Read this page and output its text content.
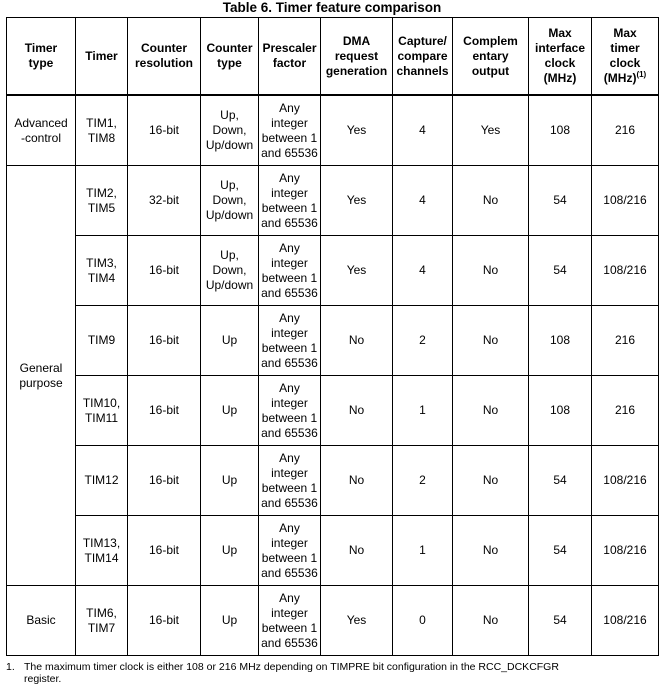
Table 6. Timer feature comparison
Timer
type	Timer	Counter
resolution	Counter
type	Prescaler
factor	DMA
request
generation	Capture/
compare
channels	Complem
entary
output	Max
interface
clock
(MHz)	Max
timer
clock
(MHz)$^{(1)}$
Advanced
-control	TIM1,
TIM8	16-bit	Up,
Down,
Up/down	Any
integer
between 1
and 65536	Yes	4	Yes	108	216
General
purpose	TIM2,
TIM5	32-bit	Up,
Down,
Up/down	Any
integer
between 1
and 65536	Yes	4	No	54	108/216
	TIM3,
TIM4	16-bit	Up,
Down,
Up/down	Any
integer
between 1
and 65536	Yes	4	No	54	108/216
	TIM9	16-bit	Up	Any
integer
between 1
and 65536	No	2	No	108	216
	TIM10,
TIM11	16-bit	Up	Any
integer
between 1
and 65536	No	1	No	108	216
	TIM12	16-bit	Up	Any
integer
between 1
and 65536	No	2	No	54	108/216
	TIM13,
TIM14	16-bit	Up	Any
integer
between 1
and 65536	No	1	No	54	108/216
Basic	TIM6,
TIM7	16-bit	Up	Any
integer
between 1
and 65536	Yes	0	No	54	108/216
1. The maximum timer clock is either 108 or 216 MHz depending on TIMPRE bit configuration in the RCC_DCKCFGR
register.
